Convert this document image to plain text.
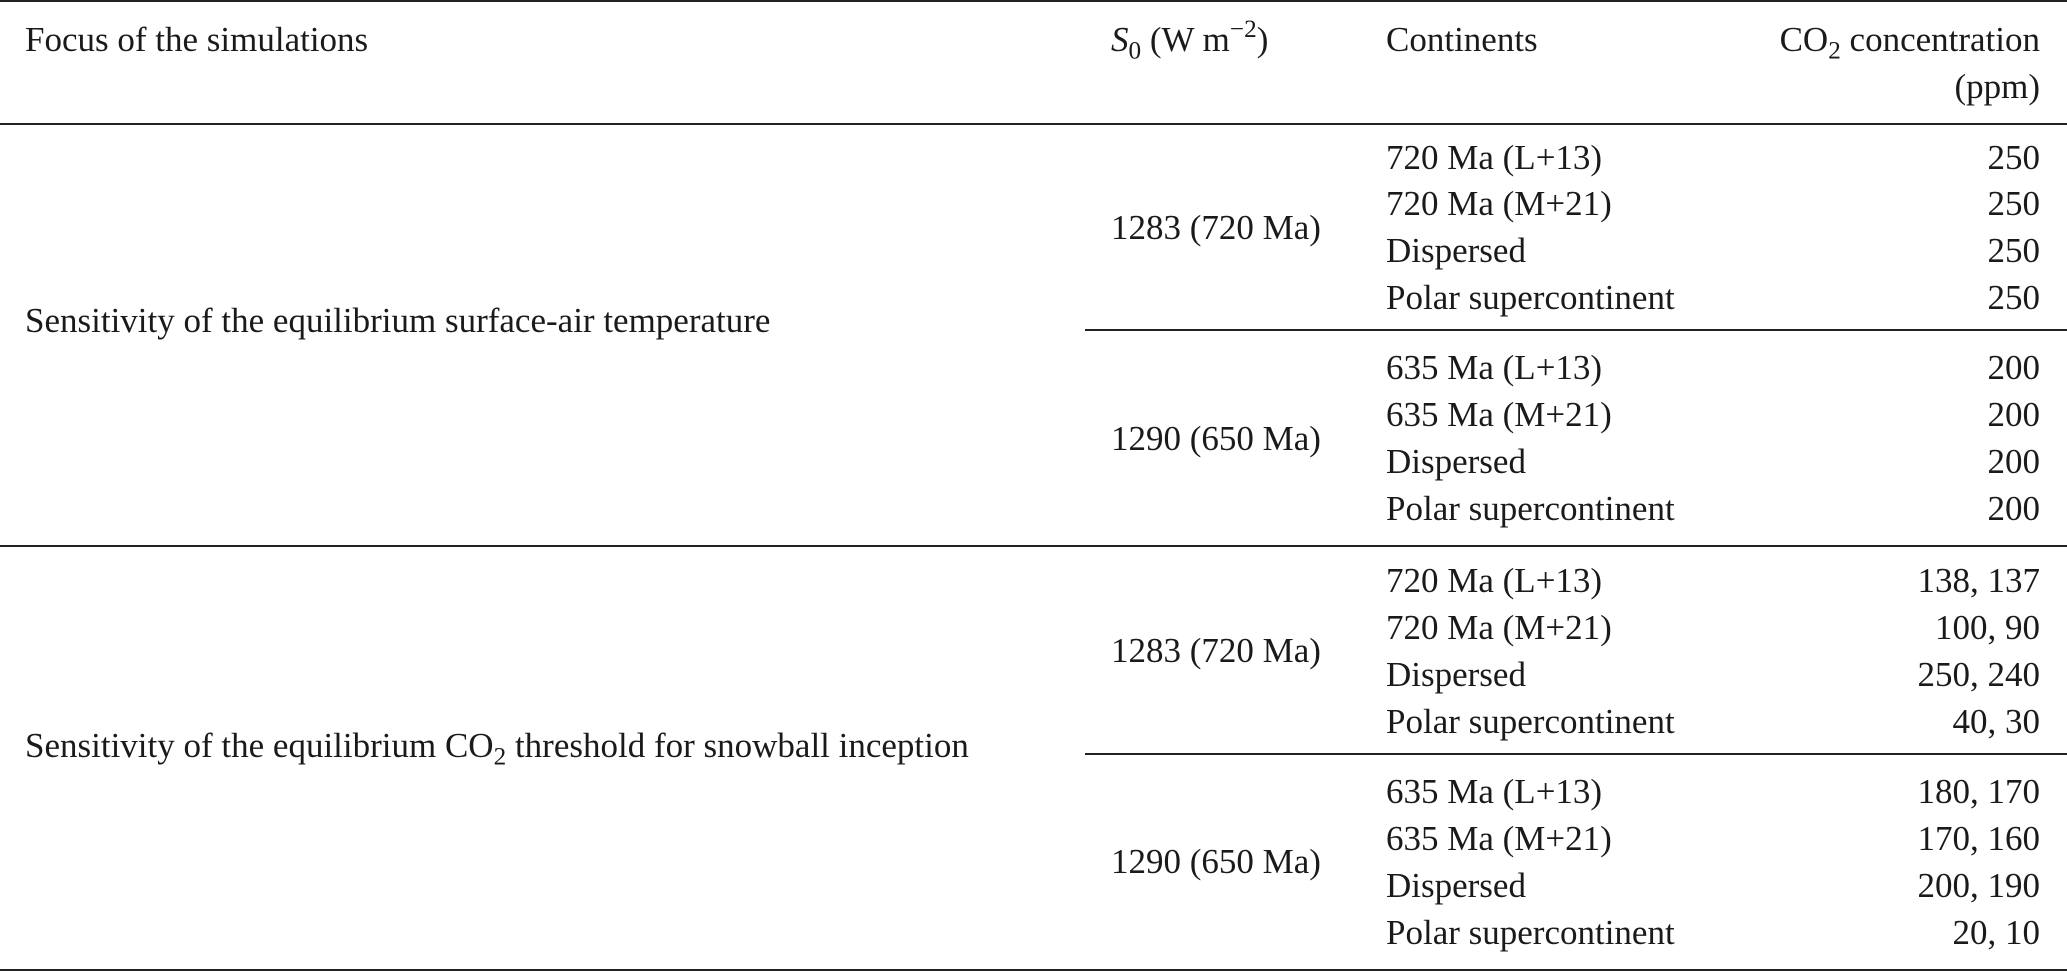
Focus of the simulations	$S_0$ (W $m^{-2}$)	Continents	$CO_2$ concentration
(ppm)
Sensitivity of the equilibrium surface-air temperature
1283 (720 Ma)
720 Ma (L+13)	250
720 Ma (M+21)	250
Dispersed	250
Polar supercontinent	250
1290 (650 Ma)
635 Ma (L+13)	200
635 Ma (M+21)	200
Dispersed	200
Polar supercontinent	200
Sensitivity of the equilibrium $CO_2$ threshold for snowball inception
1283 (720 Ma)
720 Ma (L+13)	138, 137
720 Ma (M+21)	100, 90
Dispersed	250, 240
Polar supercontinent	40, 30
1290 (650 Ma)
635 Ma (L+13)	180, 170
635 Ma (M+21)	170, 160
Dispersed	200, 190
Polar supercontinent	20, 10
